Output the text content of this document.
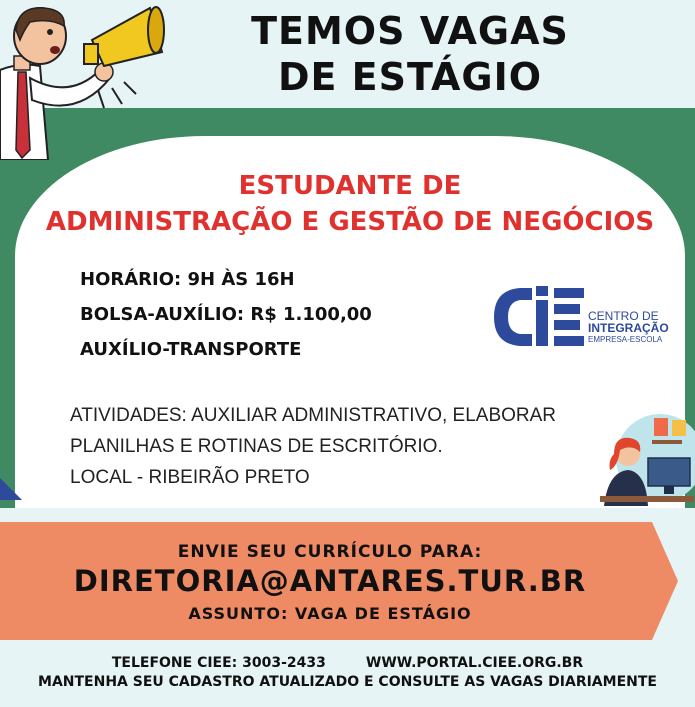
TEMOS VAGAS
DE ESTÁGIO
ESTUDANTE DE
ADMINISTRAÇÃO E GESTÃO DE NEGÓCIOS
HORÁRIO: 9H ÀS 16H
BOLSA-AUXÍLIO: R$ 1.100,00
AUXÍLIO-TRANSPORTE
CENTRO DE
INTEGRAÇÃO
EMPRESA-ESCOLA
ATIVIDADES: AUXILIAR ADMINISTRATIVO, ELABORAR
PLANILHAS E ROTINAS DE ESCRITÓRIO.
LOCAL - RIBEIRÃO PRETO
ENVIE SEU CURRÍCULO PARA:
DIRETORIA@ANTARES.TUR.BR
ASSUNTO: VAGA DE ESTÁGIO
TELEFONE CIEE: 3003-2433	WWW.PORTAL.CIEE.ORG.BR
MANTENHA SEU CADASTRO ATUALIZADO E CONSULTE AS VAGAS DIARIAMENTE
